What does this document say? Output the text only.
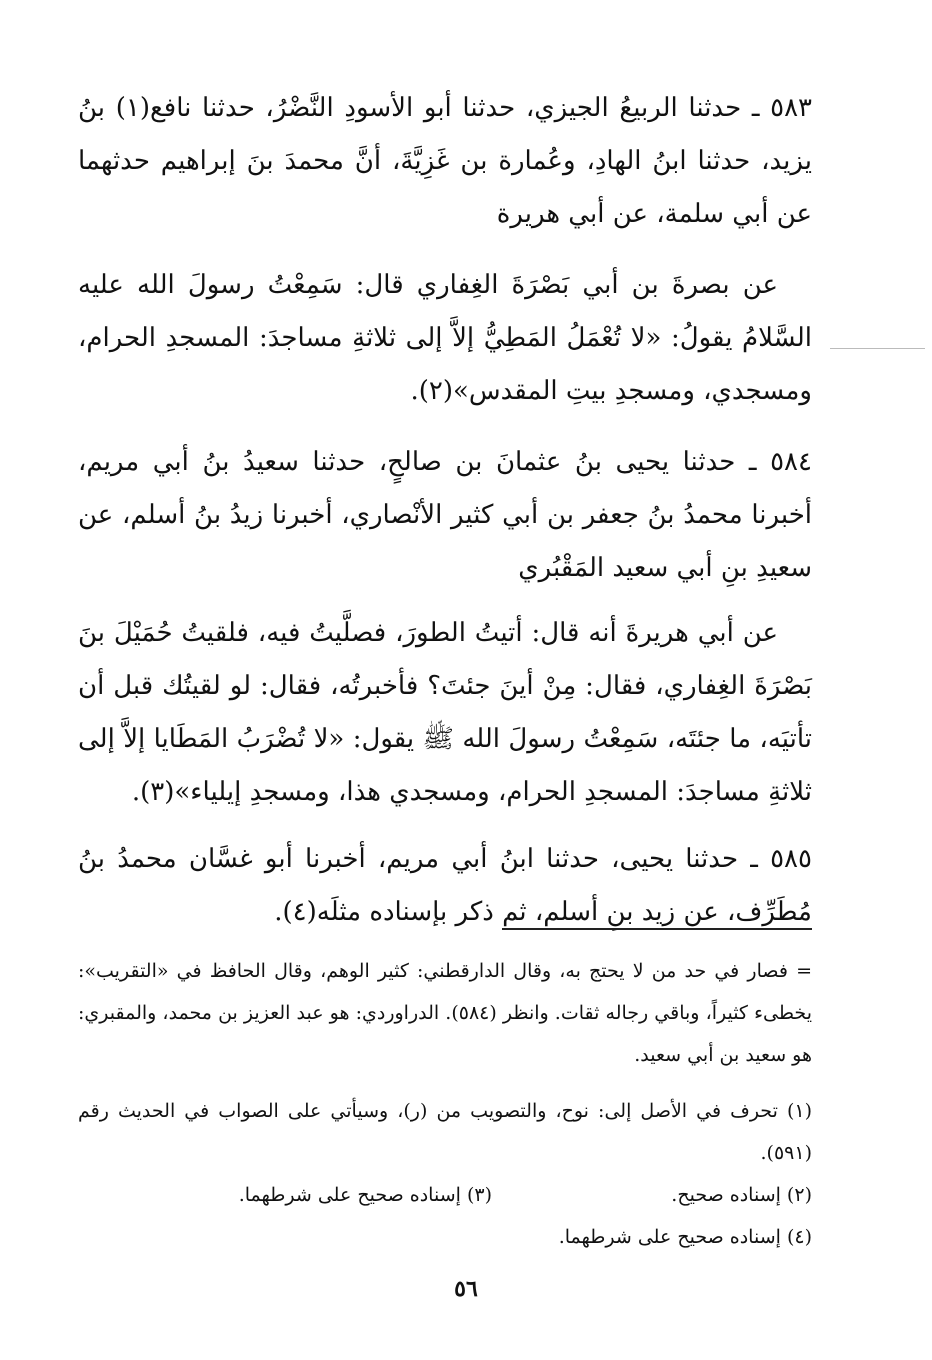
٥٨٣ ـ حدثنا الربيعُ الجيزي، حدثنا أبو الأسودِ النَّضْرُ، حدثنا نافع(١) بنُ يزيد، حدثنا ابنُ الهادِ، وعُمارة بن غَزِيَّةَ، أنَّ محمدَ بنَ إبراهيم حدثهما عن أبي سلمة، عن أبي هريرة

عن بصرةَ بن أبي بَصْرَةَ الغِفاري قال: سَمِعْتُ رسولَ الله عليه السَّلامُ يقولُ: «لا تُعْمَلُ المَطِيُّ إلاَّ إلى ثلاثةِ مساجدَ: المسجدِ الحرام، ومسجدي، ومسجدِ بيتِ المقدس»(٢).

٥٨٤ ـ حدثنا يحيى بنُ عثمانَ بن صالحٍ، حدثنا سعيدُ بنُ أبي مريم، أخبرنا محمدُ بنُ جعفر بن أبي كثير الأنْصاري، أخبرنا زيدُ بنُ أسلم، عن سعيدِ بنِ أبي سعيد المَقْبُري

عن أبي هريرةَ أنه قال: أتيتُ الطورَ، فصلَّيتُ فيه، فلقيتُ حُمَيْلَ بنَ بَصْرَةَ الغِفاري، فقال: مِنْ أينَ جئتَ؟ فأخبرتُه، فقال: لو لقيتُك قبل أن تأتيَه، ما جئتَه، سَمِعْتُ رسولَ الله ﷺ يقول: «لا تُضْرَبُ المَطَايا إلاَّ إلى ثلاثةِ مساجدَ: المسجدِ الحرام، ومسجدي هذا، ومسجدِ إيلياء»(٣).

٥٨٥ ـ حدثنا يحيى، حدثنا ابنُ أبي مريم، أخبرنا أبو غسَّان محمدُ بنُ مُطَرِّف، عن زيد بنِ أسلم، ثم ذكر بإسناده مثلَه(٤).

= فصار في حد من لا يحتج به، وقال الدارقطني: كثير الوهم، وقال الحافظ في «التقريب»: يخطىء كثيراً، وباقي رجاله ثقات. وانظر (٥٨٤). الدراوردي: هو عبد العزيز بن محمد، والمقبري: هو سعيد بن أبي سعيد.

(١) تحرف في الأصل إلى: نوح، والتصويب من (ر)، وسيأتي على الصواب في الحديث رقم (٥٩١).

(٢) إسناده صحيح.
(٣) إسناده صحيح على شرطهما.

(٤) إسناده صحيح على شرطهما.

٥٦
